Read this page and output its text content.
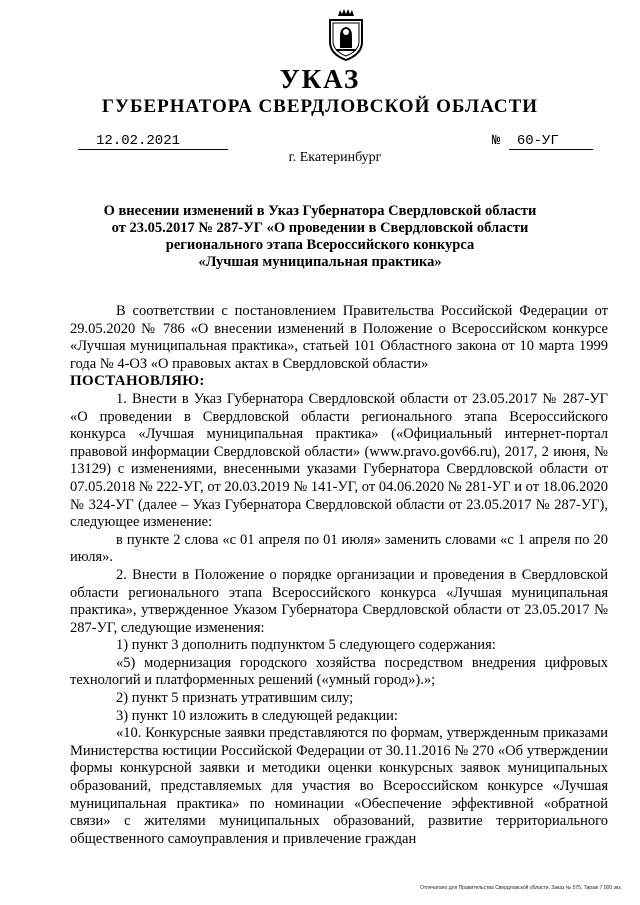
УКАЗ
ГУБЕРНАТОРА СВЕРДЛОВСКОЙ ОБЛАСТИ
12.02.2021	№ 60-УГ
г. Екатеринбург
О внесении изменений в Указ Губернатора Свердловской области
от 23.05.2017 № 287-УГ «О проведении в Свердловской области
регионального этапа Всероссийского конкурса
«Лучшая муниципальная практика»

В соответствии с постановлением Правительства Российской Федерации от 29.05.2020 № 786 «О внесении изменений в Положение о Всероссийском конкурсе «Лучшая муниципальная практика», статьей 101 Областного закона от 10 марта 1999 года № 4-ОЗ «О правовых актах в Свердловской области»

ПОСТАНОВЛЯЮ:

1. Внести в Указ Губернатора Свердловской области от 23.05.2017 № 287-УГ «О проведении в Свердловской области регионального этапа Всероссийского конкурса «Лучшая муниципальная практика» («Официальный интернет-портал правовой информации Свердловской области» (www.pravo.gov66.ru), 2017, 2 июня, № 13129) с изменениями, внесенными указами Губернатора Свердловской области от 07.05.2018 № 222-УГ, от 20.03.2019 № 141-УГ, от 04.06.2020 № 281-УГ и от 18.06.2020 № 324-УГ (далее – Указ Губернатора Свердловской области от 23.05.2017 № 287-УГ), следующее изменение:

в пункте 2 слова «с 01 апреля по 01 июля» заменить словами «с 1 апреля по 20 июля».

2. Внести в Положение о порядке организации и проведения в Свердловской области регионального этапа Всероссийского конкурса «Лучшая муниципальная практика», утвержденное Указом Губернатора Свердловской области от 23.05.2017 № 287-УГ, следующие изменения:

1) пункт 3 дополнить подпунктом 5 следующего содержания:

«5) модернизация городского хозяйства посредством внедрения цифровых технологий и платформенных решений («умный город»).»;

2) пункт 5 признать утратившим силу;

3) пункт 10 изложить в следующей редакции:

«10. Конкурсные заявки представляются по формам, утвержденным приказами Министерства юстиции Российской Федерации от 30.11.2016 № 270 «Об утверждении формы конкурсной заявки и методики оценки конкурсных заявок муниципальных образований, представляемых для участия во Всероссийском конкурсе «Лучшая муниципальная практика» по номинации «Обеспечение эффективной «обратной связи» с жителями муниципальных образований, развитие территориального общественного самоуправления и привлечение граждан

Отпечатано для Правительства Свердловской области. Заказ № 575. Тираж 7 000 экз.
